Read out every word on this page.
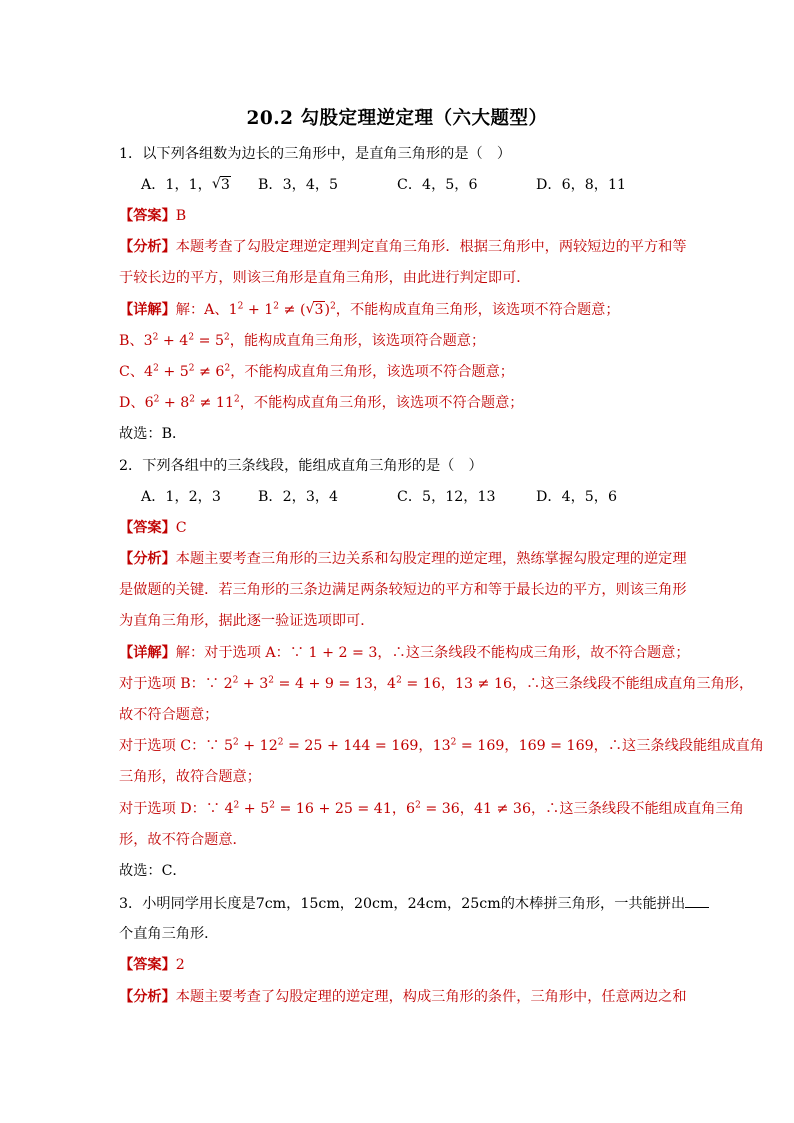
20.2 勾股定理逆定理（六大题型）
1．以下列各组数为边长的三角形中，是直角三角形的是（　）
A．1，1， √ 3 B．3，4，5	C．4，5，6	D．6，8，11
【答案】B
【分析】本题考查了勾股定理逆定理判定直角三角形．根据三角形中，两较短边的平方和等
于较长边的平方，则该三角形是直角三角形，由此进行判定即可．
【详解】解：A、$1^2 + 1^2$ ≠ ( √ 3)$^2$，不能构成直角三角形，该选项不符合题意；
B、$3^2 + 4^2 = 5^2$，能构成直角三角形，该选项符合题意；
C、$4^2 + 5^2 \ne 6^2$，不能构成直角三角形，该选项不符合题意；
D、$6^2 + 8^2 \ne 11^2$，不能构成直角三角形，该选项不符合题意；
故选：B．
2．下列各组中的三条线段，能组成直角三角形的是（　）
A．1，2，3	B．2，3，4	C．5，12，13	D．4，5，6
【答案】C
【分析】本题主要考查三角形的三边关系和勾股定理的逆定理，熟练掌握勾股定理的逆定理
是做题的关键．若三角形的三条边满足两条较短边的平方和等于最长边的平方，则该三角形
为直角三角形，据此逐一验证选项即可．
【详解】解：对于选项 A：∵ 1 + 2 = 3，∴这三条线段不能构成三角形，故不符合题意；
对于选项 B：∵ $2^2 + 3^2 = 4 + 9 = 13$，$4^2 = 16$，13 ≠ 16，∴这三条线段不能组成直角三角形，
故不符合题意；
对于选项 C：∵ $5^2 + 12^2 = 25 + 144 = 169$，$13^2 = 169$，169 = 169，∴这三条线段能组成直角
三角形，故符合题意；
对于选项 D：∵ $4^2 + 5^2 = 16 + 25 = 41$，$6^2 = 36$，41 ≠ 36，∴这三条线段不能组成直角三角
形，故不符合题意．
故选：C．
3．小明同学用长度是7cm，15cm，20cm，24cm，25cm的木棒拼三角形，一共能拼出
个直角三角形．
【答案】2
【分析】本题主要考查了勾股定理的逆定理，构成三角形的条件，三角形中，任意两边之和
